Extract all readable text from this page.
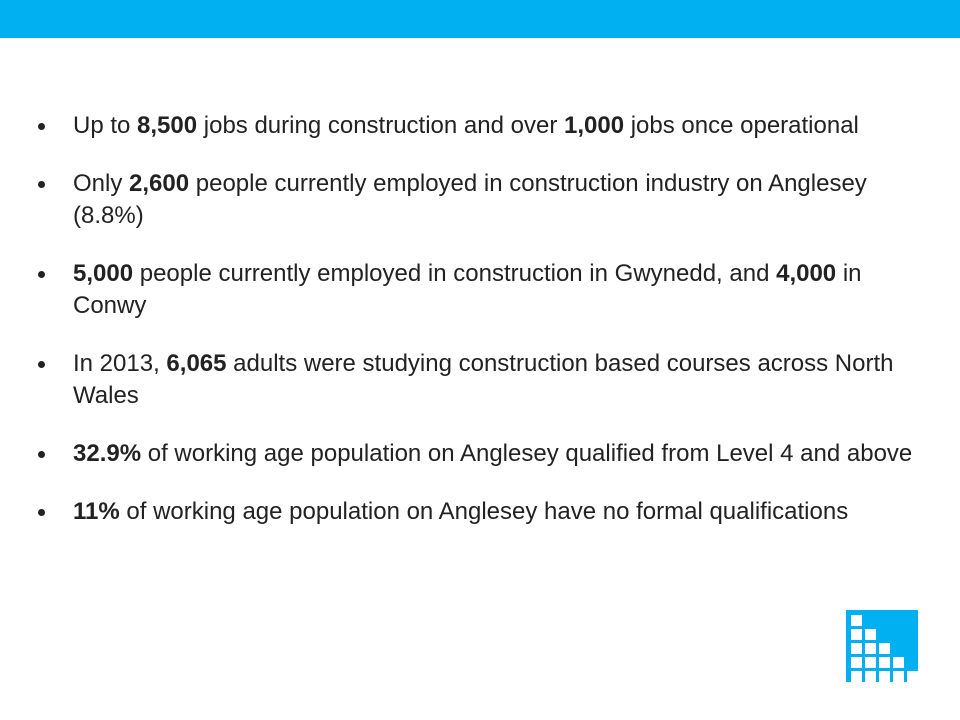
Up to 8,500 jobs during construction and over 1,000 jobs once operational
Only 2,600 people currently employed in construction industry on Anglesey (8.8%)
5,000 people currently employed in construction in Gwynedd, and 4,000 in Conwy
In 2013, 6,065 adults were studying construction based courses across North Wales
32.9% of working age population on Anglesey qualified from Level 4 and above
11% of working age population on Anglesey have no formal qualifications
